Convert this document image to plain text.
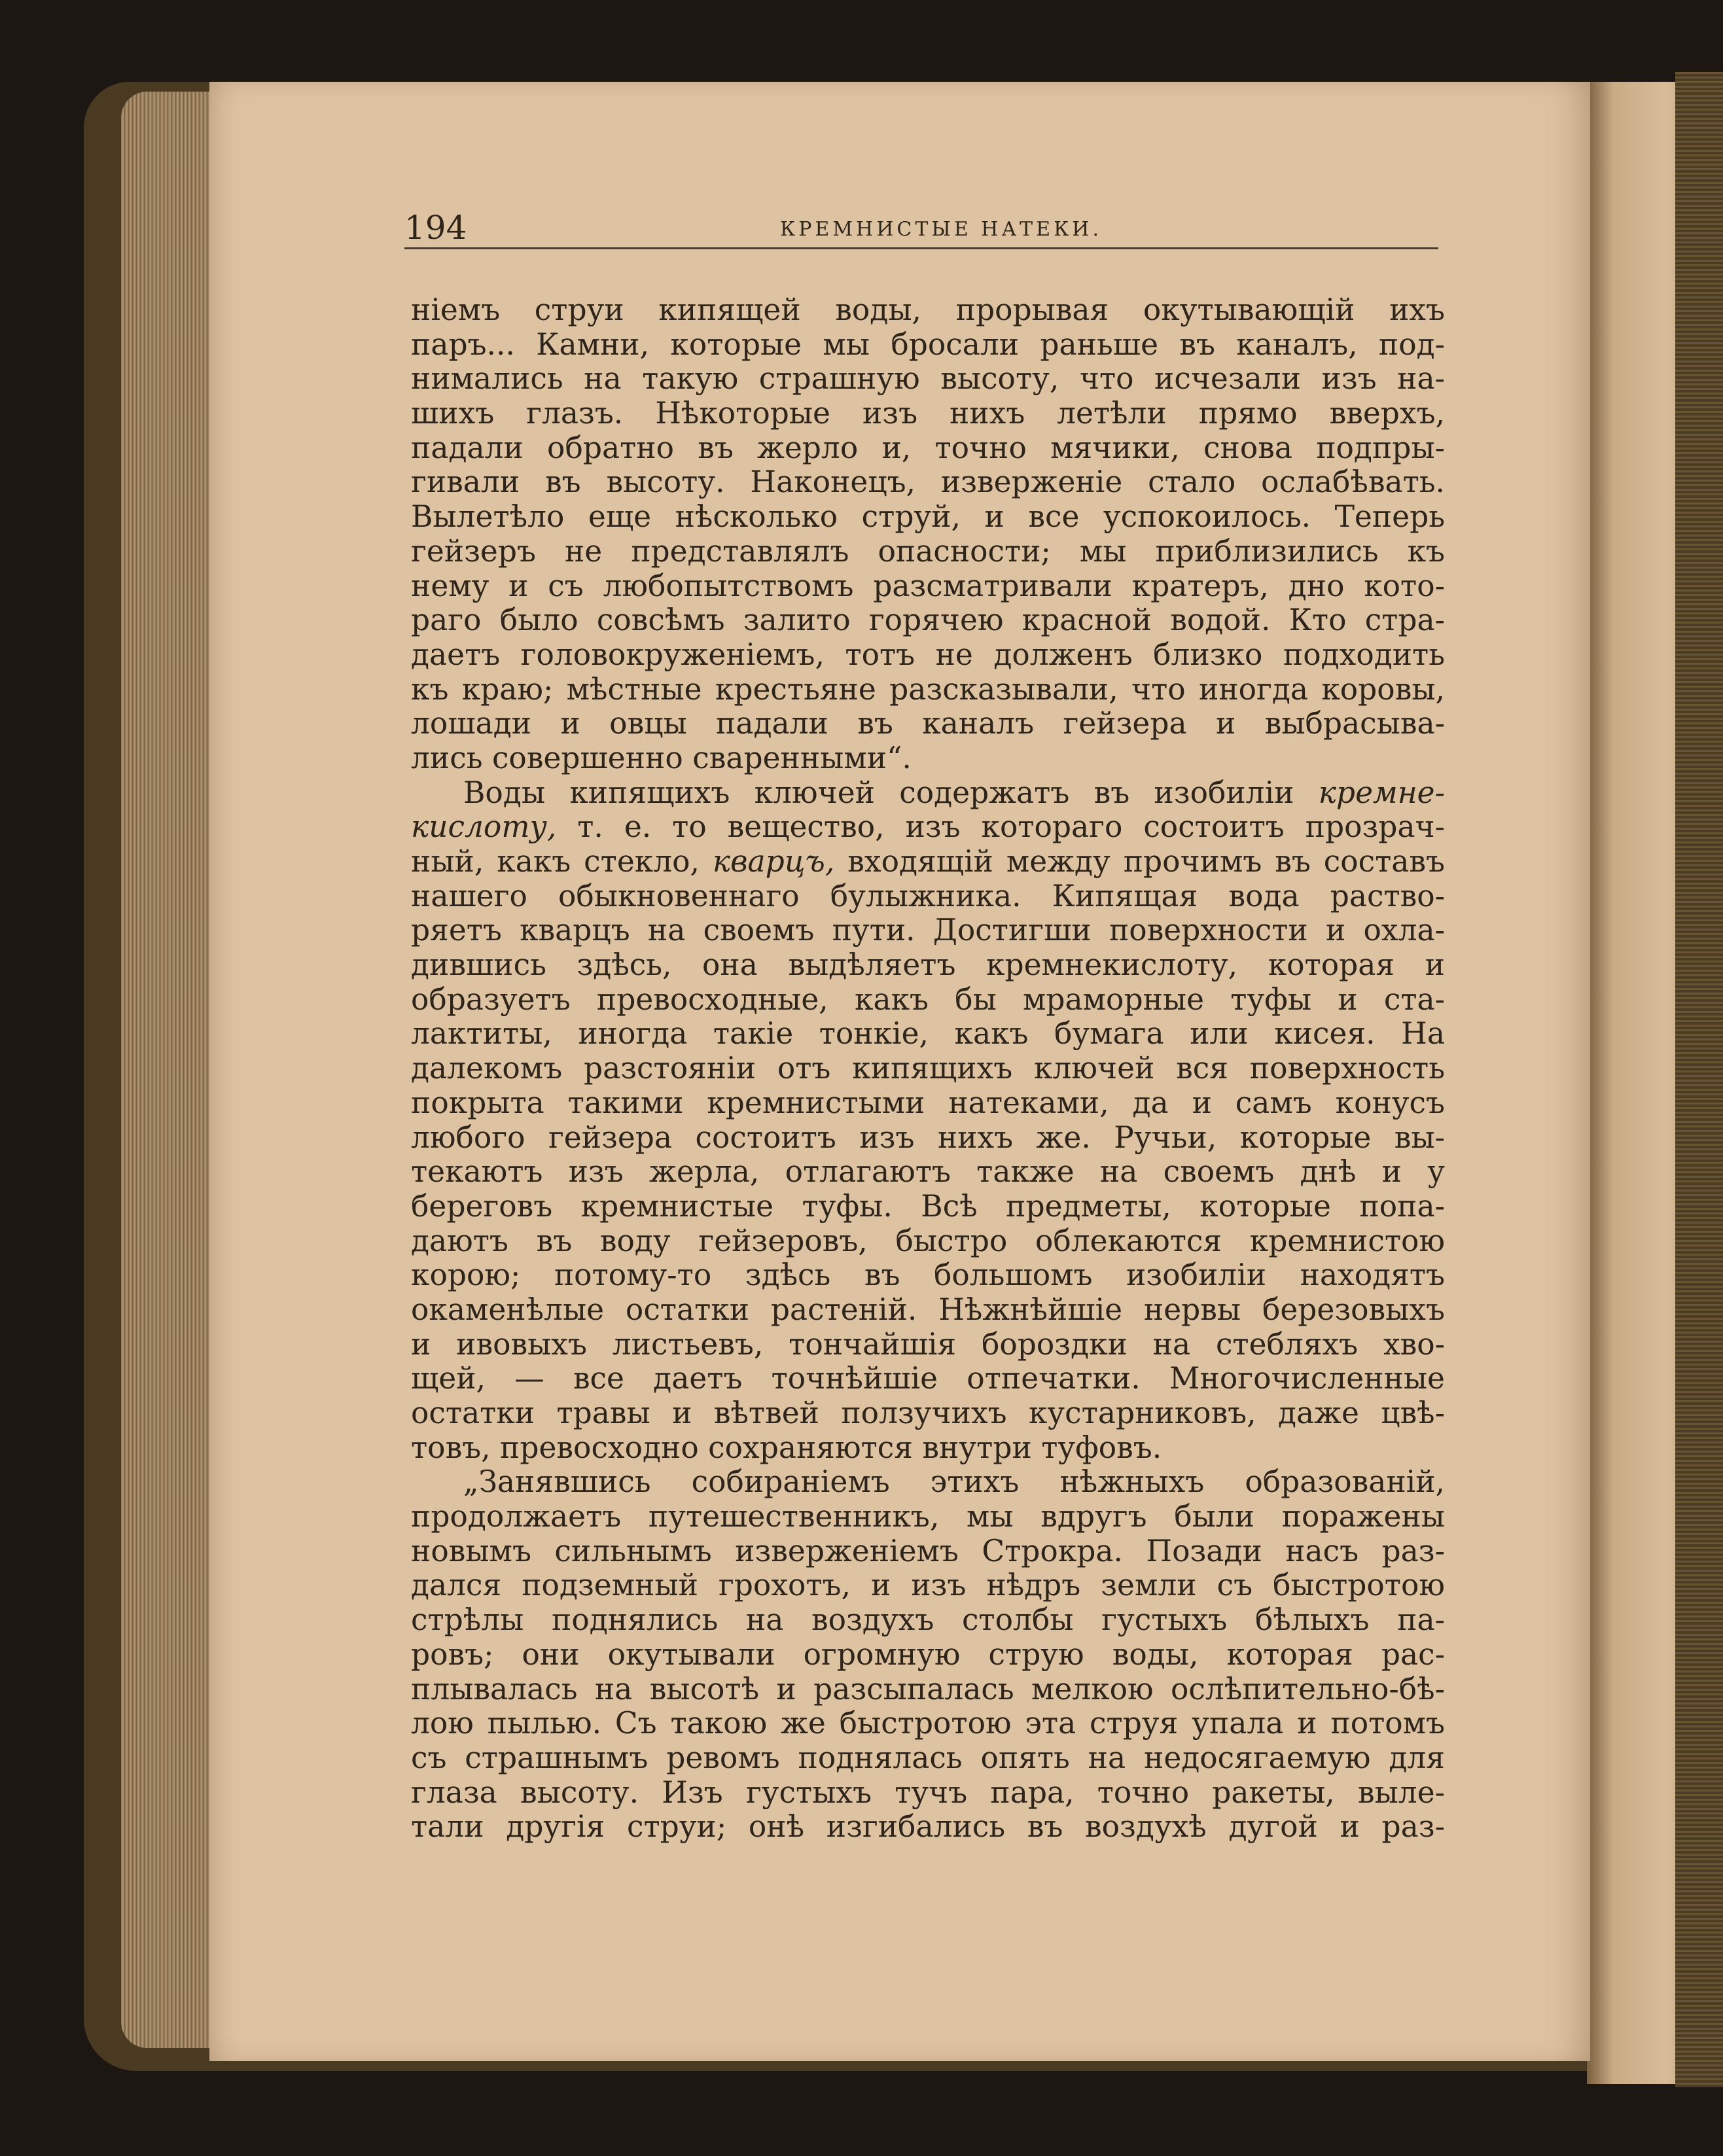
194	КРЕМНИСТЫЕ НАТЕКИ.
ніемъ струи кипящей воды, прорывая окутывающій ихъ
паръ... Камни, которые мы бросали раньше въ каналъ, под-
нимались на такую страшную высоту, что исчезали изъ на-
шихъ глазъ. Нѣкоторые изъ нихъ летѣли прямо вверхъ,
падали обратно въ жерло и, точно мячики, снова подпры-
гивали въ высоту. Наконецъ, изверженіе стало ослабѣвать.
Вылетѣло еще нѣсколько струй, и все успокоилось. Теперь
гейзеръ не представлялъ опасности; мы приблизились къ
нему и съ любопытствомъ разсматривали кратеръ, дно кото-
раго было совсѣмъ залито горячею красной водой. Кто стра-
даетъ головокруженіемъ, тотъ не долженъ близко подходить
къ краю; мѣстные крестьяне разсказывали, что иногда коровы,
лошади и овцы падали въ каналъ гейзера и выбрасыва-
лись совершенно сваренными“.
Воды кипящихъ ключей содержатъ въ изобиліи кремне-
кислоту, т. е. то вещество, изъ котораго состоитъ прозрач-
ный, какъ стекло, кварцъ, входящій между прочимъ въ составъ
нашего обыкновеннаго булыжника. Кипящая вода раство-
ряетъ кварцъ на своемъ пути. Достигши поверхности и охла-
дившись здѣсь, она выдѣляетъ кремнекислоту, которая и
образуетъ превосходные, какъ бы мраморные туфы и ста-
лактиты, иногда такіе тонкіе, какъ бумага или кисея. На
далекомъ разстояніи отъ кипящихъ ключей вся поверхность
покрыта такими кремнистыми натеками, да и самъ конусъ
любого гейзера состоитъ изъ нихъ же. Ручьи, которые вы-
текаютъ изъ жерла, отлагаютъ также на своемъ днѣ и у
береговъ кремнистые туфы. Всѣ предметы, которые попа-
даютъ въ воду гейзеровъ, быстро облекаются кремнистою
корою; потому-то здѣсь въ большомъ изобиліи находятъ
окаменѣлые остатки растеній. Нѣжнѣйшіе нервы березовыхъ
и ивовыхъ листьевъ, тончайшія бороздки на стебляхъ хво-
щей, — все даетъ точнѣйшіе отпечатки. Многочисленные
остатки травы и вѣтвей ползучихъ кустарниковъ, даже цвѣ-
товъ, превосходно сохраняются внутри туфовъ.
„Занявшись собираніемъ этихъ нѣжныхъ образованій,
продолжаетъ путешественникъ, мы вдругъ были поражены
новымъ сильнымъ изверженіемъ Строкра. Позади насъ раз-
дался подземный грохотъ, и изъ нѣдръ земли съ быстротою
стрѣлы поднялись на воздухъ столбы густыхъ бѣлыхъ па-
ровъ; они окутывали огромную струю воды, которая рас-
плывалась на высотѣ и разсыпалась мелкою ослѣпительно-бѣ-
лою пылью. Съ такою же быстротою эта струя упала и потомъ
съ страшнымъ ревомъ поднялась опять на недосягаемую для
глаза высоту. Изъ густыхъ тучъ пара, точно ракеты, выле-
тали другія струи; онѣ изгибались въ воздухѣ дугой и раз-
